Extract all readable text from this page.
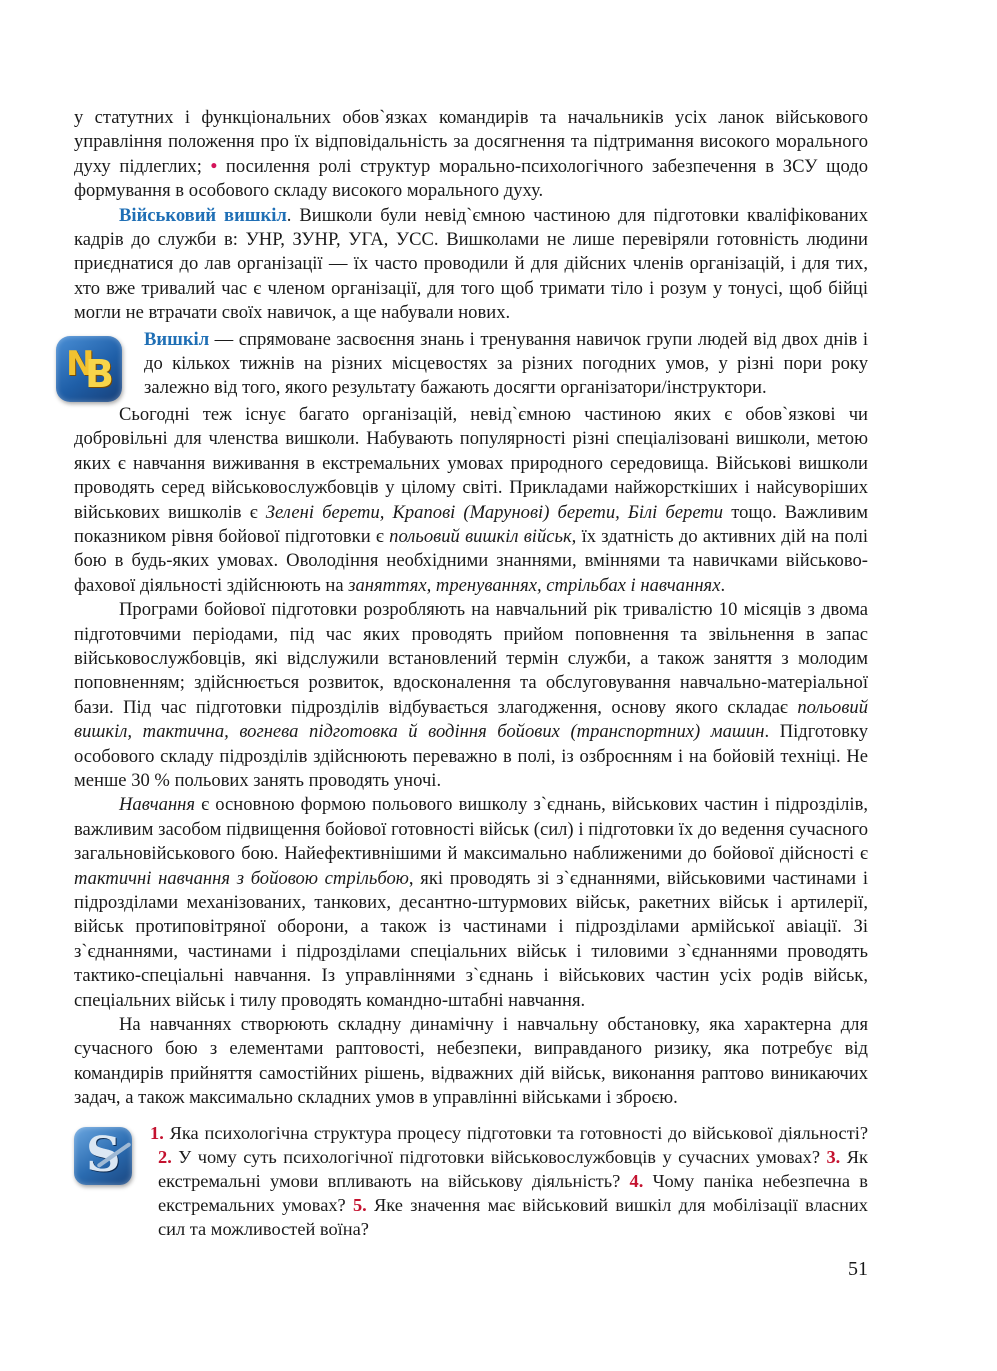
у статутних і функціональних обов`язках командирів та начальників усіх ланок військового управління положення про їх відповідальність за досягнення та підтримання високого морального духу підлеглих; • посилення ролі структур морально-психологічного забезпечення в ЗСУ щодо формування в особового складу високого морального духу.

Військовий вишкіл. Вишколи були невід`ємною частиною для підготовки кваліфікованих кадрів до служби в: УНР, ЗУНР, УГА, УСС. Вишколами не лише перевіряли готовність людини приєднатися до лав організації — їх часто проводили й для дійсних членів організацій, і для тих, хто вже тривалий час є членом організації, для того щоб тримати тіло і розум у тонусі, щоб бійці могли не втрачати своїх навичок, а ще набували нових.

N
B

Вишкіл — спрямоване засвоєння знань і тренування навичок групи людей від двох днів і до кількох тижнів на різних місцевостях за різних погодних умов, у різні пори року залежно від того, якого результату бажають досягти організатори/інструктори.

Сьогодні теж існує багато організацій, невід`ємною частиною яких є обов`язкові чи добровільні для членства вишколи. Набувають популярності різні спеціалізовані вишколи, метою яких є навчання виживання в екстремальних умовах природного середовища. Військові вишколи проводять серед військовослужбовців у цілому світі. Прикладами найжорсткіших і найсуворіших військових вишколів є Зелені берети, Крапові (Марунові) берети, Білі берети тощо. Важливим показником рівня бойової підготовки є польовий вишкіл військ, їх здатність до активних дій на полі бою в будь-яких умовах. Оволодіння необхідними знаннями, вміннями та навичками військово-фахової діяльності здійснюють на заняттях, тренуваннях, стрільбах і навчаннях.

Програми бойової підготовки розробляють на навчальний рік тривалістю 10 місяців з двома підготовчими періодами, під час яких проводять прийом поповнення та звільнення в запас військовослужбовців, які відслужили встановлений термін служби, а також заняття з молодим поповненням; здійснюється розвиток, вдосконалення та обслуговування навчально-матеріальної бази. Під час підготовки підрозділів відбувається злагодження, основу якого складає польовий вишкіл, тактична, вогнева підготовка й водіння бойових (транспортних) машин. Підготовку особового складу підрозділів здійснюють переважно в полі, із озброєнням і на бойовій техніці. Не менше 30 % польових занять проводять уночі.

Навчання є основною формою польового вишколу з`єднань, військових частин і підрозділів, важливим засобом підвищення бойової готовності військ (сил) і підготовки їх до ведення сучасного загальновійськового бою. Найефективнішими й максимально наближеними до бойової дійсності є тактичні навчання з бойовою стрільбою, які проводять зі з`єднаннями, військовими частинами і підрозділами механізованих, танкових, десантно-штурмових військ, ракетних військ і артилерії, військ протиповітряної оборони, а також із частинами і підрозділами армійської авіації. Зі з`єднаннями, частинами і підрозділами спеціальних військ і тиловими з`єднаннями проводять тактико-спеціальні навчання. Із управліннями з`єднань і військових частин усіх родів військ, спеціальних військ і тилу проводять командно-штабні навчання.

На навчаннях створюють складну динамічну і навчальну обстановку, яка характерна для сучасного бою з елементами раптовості, небезпеки, виправданого ризику, яка потребує від командирів прийняття самостійних рішень, відважних дій військ, виконання раптово виникаючих задач, а також максимально складних умов в управлінні військами і зброєю.

S 1. Яка психологічна структура процесу підготовки та готовності до військової діяльності? 2. У чому суть психологічної підготовки військовослужбовців у сучасних умовах? 3. Як екстремальні умови впливають на військову діяльність? 4. Чому паніка небезпечна в екстремальних умовах? 5. Яке значення має військовий вишкіл для мобілізації власних сил та можливостей воїна?

51
